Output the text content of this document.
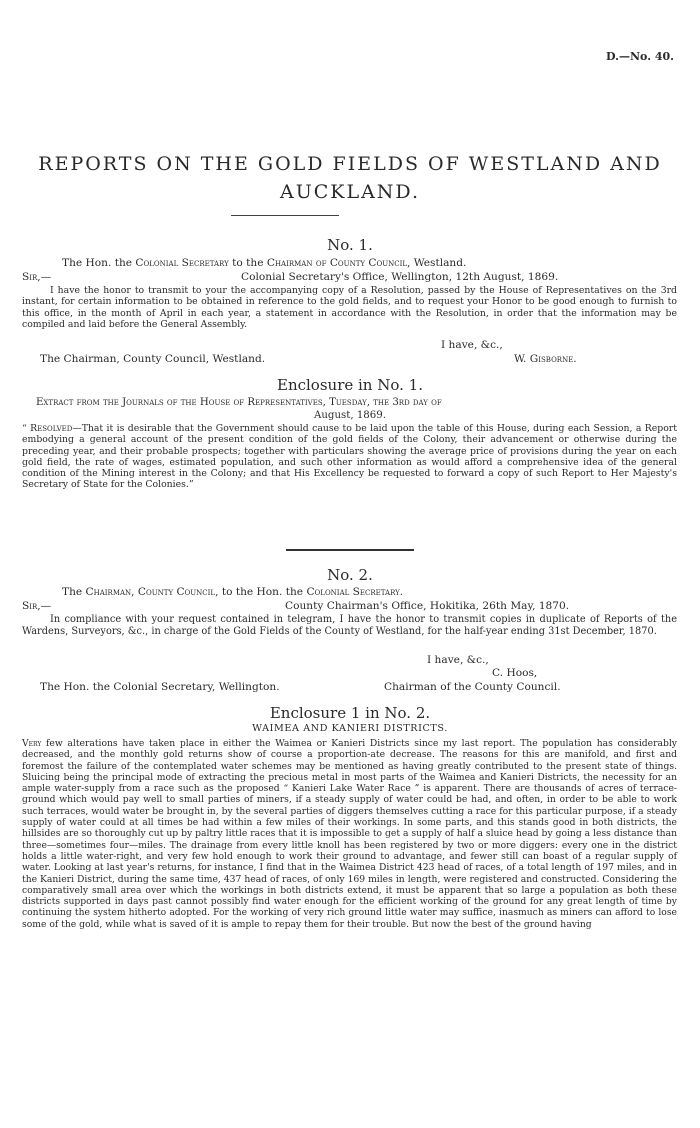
D.—No. 40.
REPORTS ON THE GOLD FIELDS OF WESTLAND AND
AUCKLAND.
No. 1.
The Hon. the Colonial Secretary to the Chairman of County Council, Westland.
Sir,—	Colonial Secretary's Office, Wellington, 12th August, 1869.
I have the honor to transmit to your the accompanying copy of a Resolution, passed by the House of Representatives on the 3rd instant, for certain information to be obtained in reference to the gold fields, and to request your Honor to be good enough to furnish to this office, in the month of April in each year, a statement in accordance with the Resolution, in order that the information may be compiled and laid before the General Assembly.
I have, &c.,
The Chairman, County Council, Westland.	W. Gisborne.
Enclosure in No. 1.
Extract from the Journals of the House of Representatives, Tuesday, the 3rd day of
August, 1869.
“ Resolved—That it is desirable that the Government should cause to be laid upon the table of this House, during each Session, a Report embodying a general account of the present condition of the gold fields of the Colony, their advancement or otherwise during the preceding year, and their probable prospects; together with particulars showing the average price of provisions during the year on each gold field, the rate of wages, estimated population, and such other information as would afford a comprehensive idea of the general condition of the Mining interest in the Colony; and that His Excellency be requested to forward a copy of such Report to Her Majesty's Secretary of State for the Colonies.”
No. 2.
The Chairman, County Council, to the Hon. the Colonial Secretary.
Sir,—	County Chairman's Office, Hokitika, 26th May, 1870.
In compliance with your request contained in telegram, I have the honor to transmit copies in duplicate of Reports of the Wardens, Surveyors, &c., in charge of the Gold Fields of the County of Westland, for the half-year ending 31st December, 1870.
I have, &c.,
C. Hoos,
The Hon. the Colonial Secretary, Wellington.	Chairman of the County Council.
Enclosure 1 in No. 2.
WAIMEA AND KANIERI DISTRICTS.
Very few alterations have taken place in either the Waimea or Kanieri Districts since my last report. The population has considerably decreased, and the monthly gold returns show of course a proportion-ate decrease. The reasons for this are manifold, and first and foremost the failure of the contemplated water schemes may be mentioned as having greatly contributed to the present state of things. Sluicing being the principal mode of extracting the precious metal in most parts of the Waimea and Kanieri Districts, the necessity for an ample water-supply from a race such as the proposed “ Kanieri Lake Water Race ” is apparent. There are thousands of acres of terrace-ground which would pay well to small parties of miners, if a steady supply of water could be had, and often, in order to be able to work such terraces, would water be brought in, by the several parties of diggers themselves cutting a race for this particular purpose, if a steady supply of water could at all times be had within a few miles of their workings. In some parts, and this stands good in both districts, the hillsides are so thoroughly cut up by paltry little races that it is impossible to get a supply of half a sluice head by going a less distance than three—sometimes four—miles. The drainage from every little knoll has been registered by two or more diggers: every one in the district holds a little water-right, and very few hold enough to work their ground to advantage, and fewer still can boast of a regular supply of water. Looking at last year's returns, for instance, I find that in the Waimea District 423 head of races, of a total length of 197 miles, and in the Kanieri District, during the same time, 437 head of races, of only 169 miles in length, were registered and constructed. Considering the comparatively small area over which the workings in both districts extend, it must be apparent that so large a population as both these districts supported in days past cannot possibly find water enough for the efficient working of the ground for any great length of time by continuing the system hitherto adopted. For the working of very rich ground little water may suffice, inasmuch as miners can afford to lose some of the gold, while what is saved of it is ample to repay them for their trouble. But now the best of the ground having
